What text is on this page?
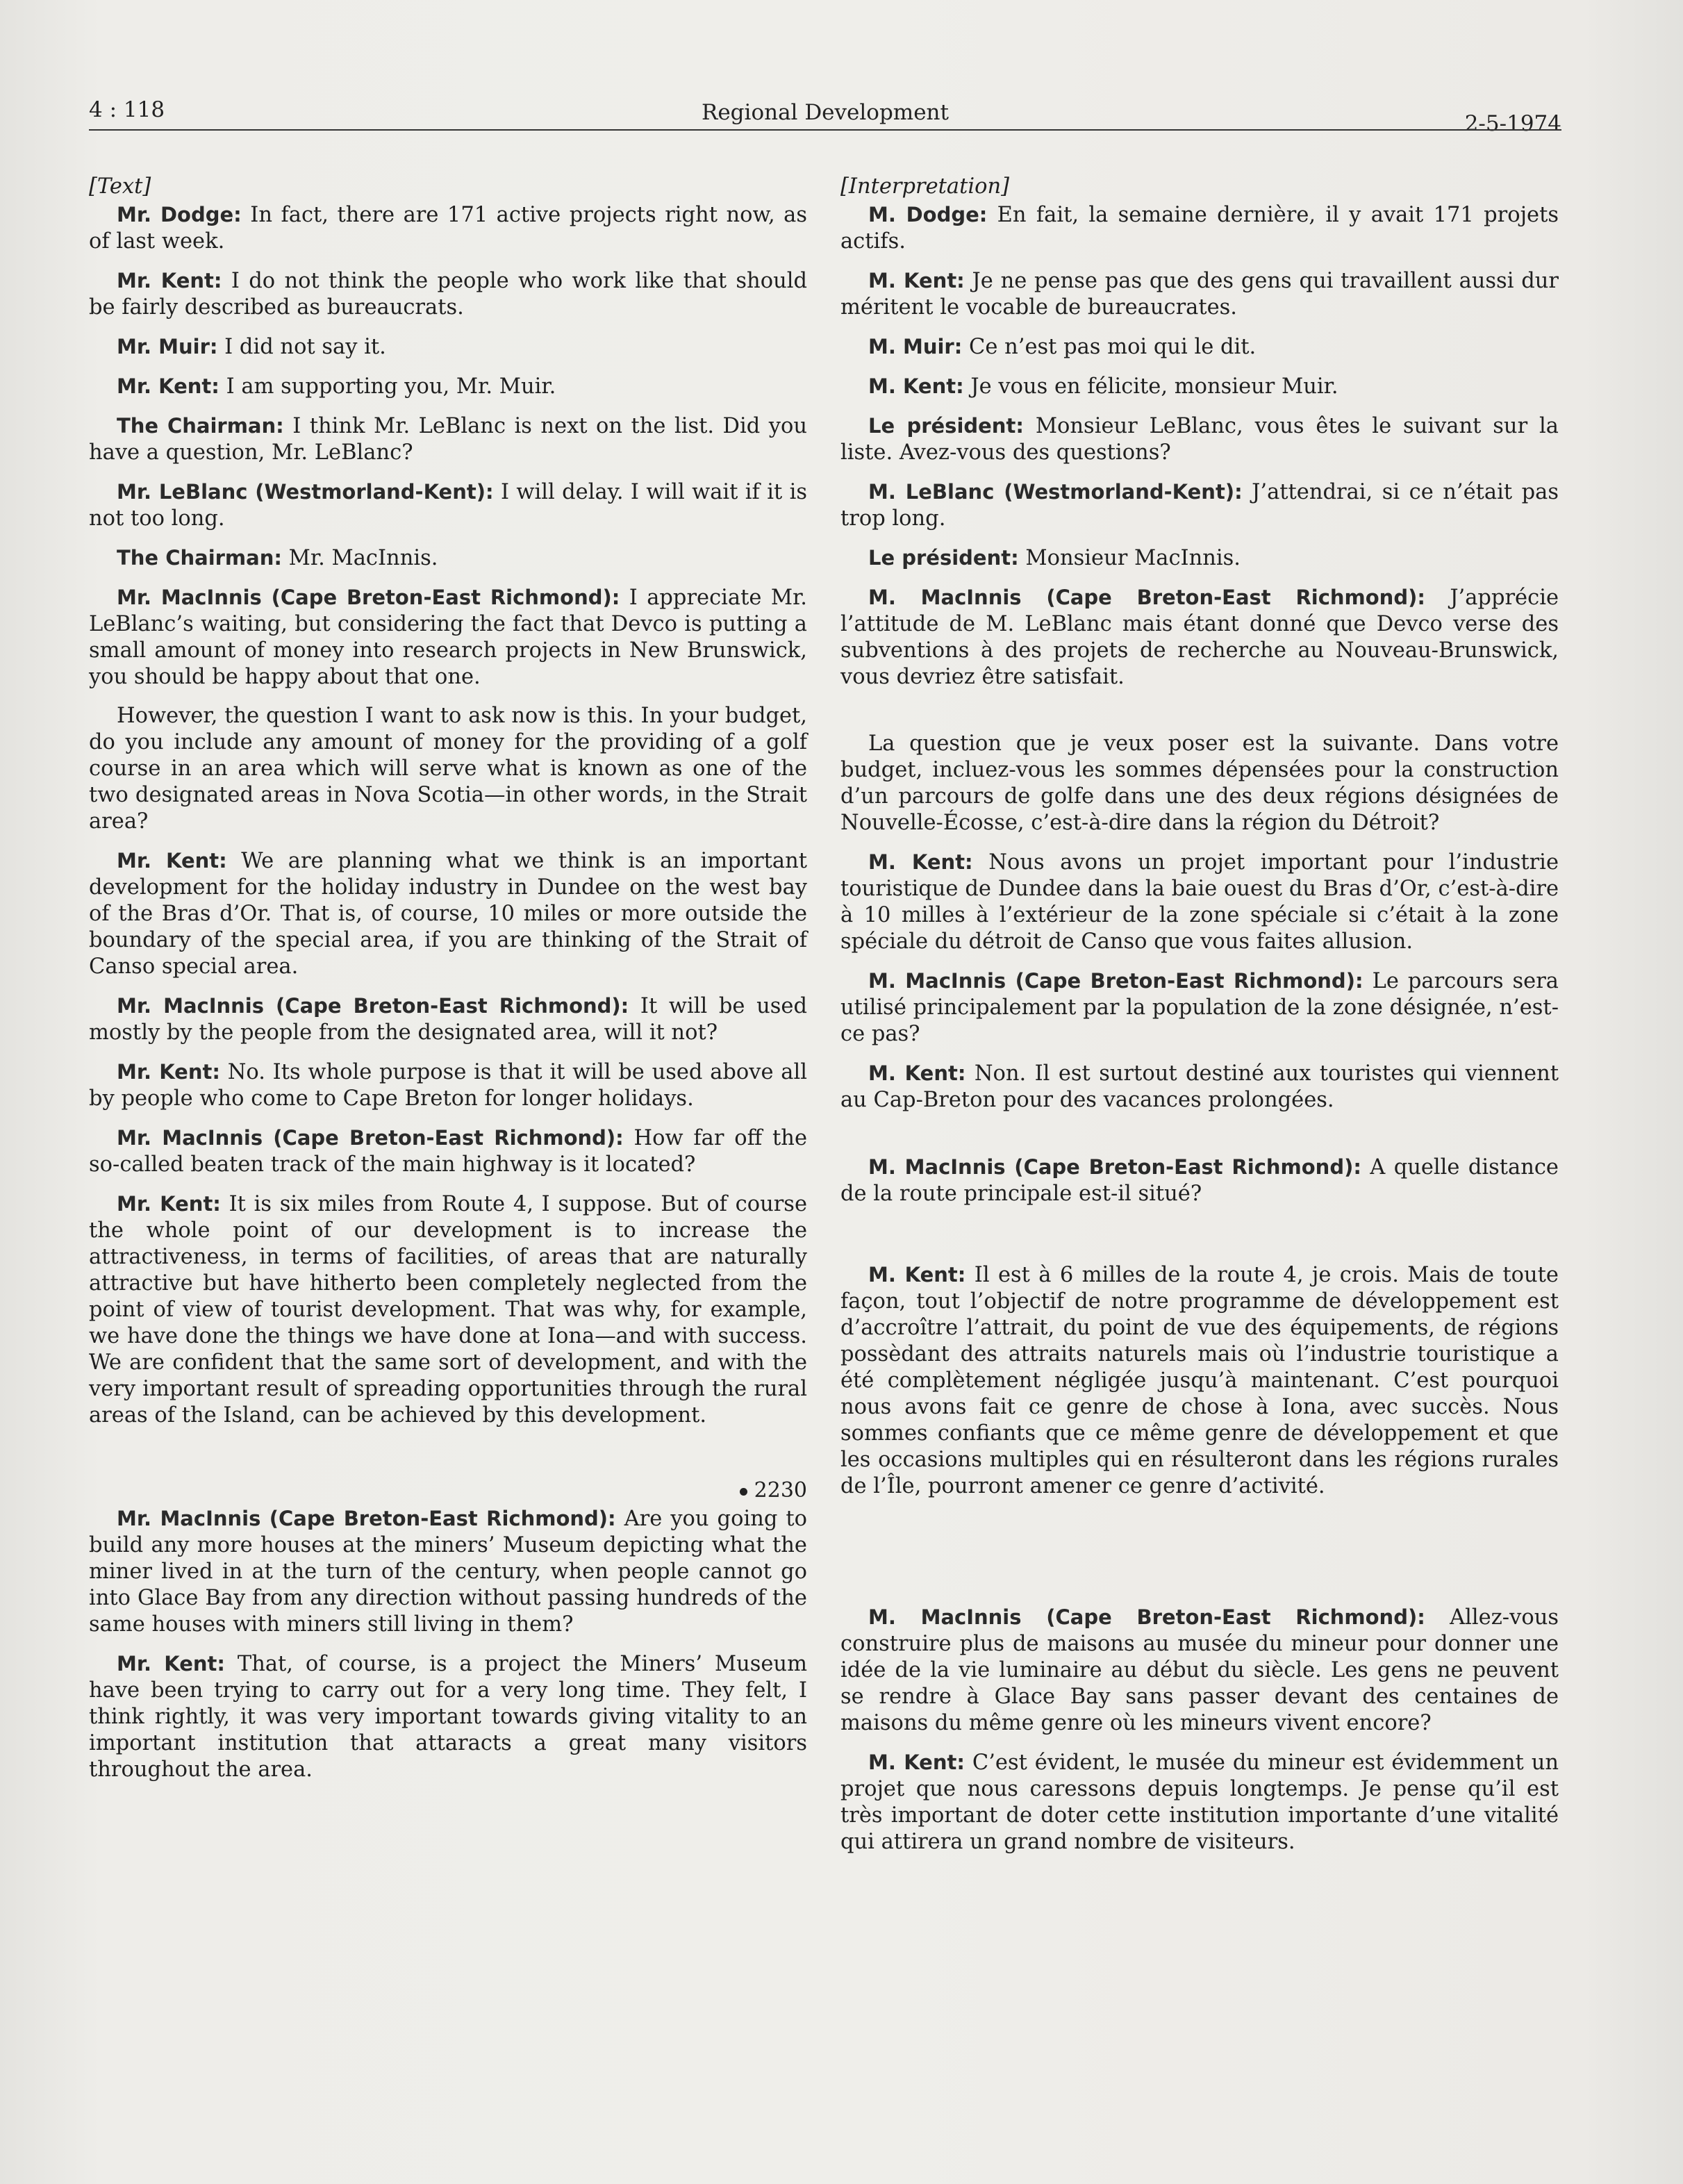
4 : 118	Regional Development	2-5-1974
[Text]

Mr. Dodge: In fact, there are 171 active projects right now, as of last week.

Mr. Kent: I do not think the people who work like that should be fairly described as bureaucrats.

Mr. Muir: I did not say it.

Mr. Kent: I am supporting you, Mr. Muir.

The Chairman: I think Mr. LeBlanc is next on the list. Did you have a question, Mr. LeBlanc?

Mr. LeBlanc (Westmorland-Kent): I will delay. I will wait if it is not too long.

The Chairman: Mr. MacInnis.

Mr. MacInnis (Cape Breton-East Richmond): I appreciate Mr. LeBlanc’s waiting, but considering the fact that Devco is putting a small amount of money into research projects in New Brunswick, you should be happy about that one.

However, the question I want to ask now is this. In your budget, do you include any amount of money for the providing of a golf course in an area which will serve what is known as one of the two designated areas in Nova Scotia—in other words, in the Strait area?

Mr. Kent: We are planning what we think is an important development for the holiday industry in Dundee on the west bay of the Bras d’Or. That is, of course, 10 miles or more outside the boundary of the special area, if you are thinking of the Strait of Canso special area.

Mr. MacInnis (Cape Breton-East Richmond): It will be used mostly by the people from the designated area, will it not?

Mr. Kent: No. Its whole purpose is that it will be used above all by people who come to Cape Breton for longer holidays.

Mr. MacInnis (Cape Breton-East Richmond): How far off the so-called beaten track of the main highway is it located?

Mr. Kent: It is six miles from Route 4, I suppose. But of course the whole point of our development is to increase the attractiveness, in terms of facilities, of areas that are naturally attractive but have hitherto been completely neglected from the point of view of tourist development. That was why, for example, we have done the things we have done at Iona—and with success. We are confident that the same sort of development, and with the very important result of spreading opportunities through the rural areas of the Island, can be achieved by this development.

2230

Mr. MacInnis (Cape Breton-East Richmond): Are you going to build any more houses at the miners’ Museum depicting what the miner lived in at the turn of the century, when people cannot go into Glace Bay from any direction without passing hundreds of the same houses with miners still living in them?

Mr. Kent: That, of course, is a project the Miners’ Museum have been trying to carry out for a very long time. They felt, I think rightly, it was very important towards giving vitality to an important institution that attaracts a great many visitors throughout the area.

[Interpretation]

M. Dodge: En fait, la semaine dernière, il y avait 171 projets actifs.

M. Kent: Je ne pense pas que des gens qui travaillent aussi dur méritent le vocable de bureaucrates.

M. Muir: Ce n’est pas moi qui le dit.

M. Kent: Je vous en félicite, monsieur Muir.

Le président: Monsieur LeBlanc, vous êtes le suivant sur la liste. Avez-vous des questions?

M. LeBlanc (Westmorland-Kent): J’attendrai, si ce n’était pas trop long.

Le président: Monsieur MacInnis.

M. MacInnis (Cape Breton-East Richmond): J’apprécie l’attitude de M. LeBlanc mais étant donné que Devco verse des subventions à des projets de recherche au Nouveau-Brunswick, vous devriez être satisfait.

La question que je veux poser est la suivante. Dans votre budget, incluez-vous les sommes dépensées pour la construction d’un parcours de golfe dans une des deux régions désignées de Nouvelle-Écosse, c’est-à-dire dans la région du Détroit?

M. Kent: Nous avons un projet important pour l’industrie touristique de Dundee dans la baie ouest du Bras d’Or, c’est-à-dire à 10 milles à l’extérieur de la zone spéciale si c’était à la zone spéciale du détroit de Canso que vous faites allusion.

M. MacInnis (Cape Breton-East Richmond): Le parcours sera utilisé principalement par la population de la zone désignée, n’est-ce pas?

M. Kent: Non. Il est surtout destiné aux touristes qui viennent au Cap-Breton pour des vacances prolongées.

M. MacInnis (Cape Breton-East Richmond): A quelle distance de la route principale est-il situé?

M. Kent: Il est à 6 milles de la route 4, je crois. Mais de toute façon, tout l’objectif de notre programme de développement est d’accroître l’attrait, du point de vue des équipements, de régions possèdant des attraits naturels mais où l’industrie touristique a été complètement négligée jusqu’à maintenant. C’est pourquoi nous avons fait ce genre de chose à Iona, avec succès. Nous sommes confiants que ce même genre de développement et que les occasions multiples qui en résulteront dans les régions rurales de l’Île, pourront amener ce genre d’activité.

M. MacInnis (Cape Breton-East Richmond): Allez-vous construire plus de maisons au musée du mineur pour donner une idée de la vie luminaire au début du siècle. Les gens ne peuvent se rendre à Glace Bay sans passer devant des centaines de maisons du même genre où les mineurs vivent encore?

M. Kent: C’est évident, le musée du mineur est évidemment un projet que nous caressons depuis longtemps. Je pense qu’il est très important de doter cette institution importante d’une vitalité qui attirera un grand nombre de visiteurs.
